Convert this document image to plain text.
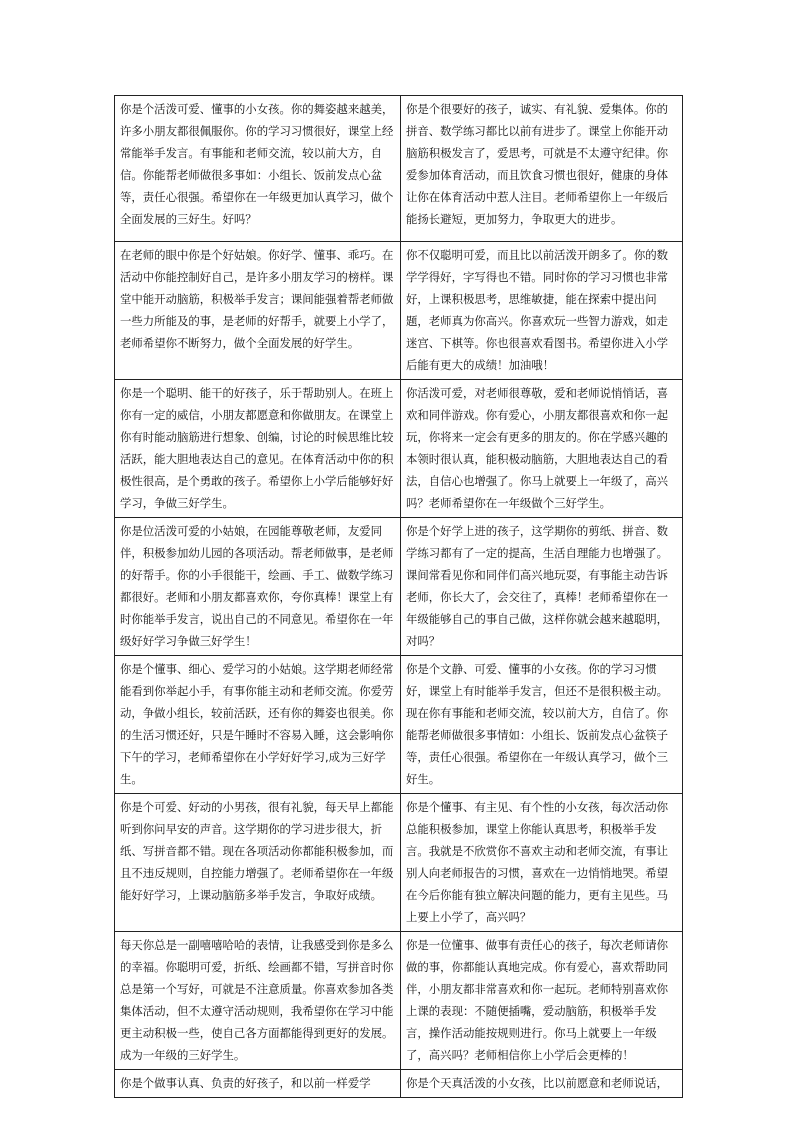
你是个活泼可爱、懂事的小女孩。你的舞姿越来越美，许多小朋友都很佩服你。你的学习习惯很好，课堂上经常能举手发言。有事能和老师交流，较以前大方，自信。你能帮老师做很多事如：小组长、饭前发点心盆等，责任心很强。希望你在一年级更加认真学习，做个全面发展的三好生。好吗？	你是个很要好的孩子，诚实、有礼貌、爱集体。你的拼音、数学练习都比以前有进步了。课堂上你能开动脑筋积极发言了，爱思考，可就是不太遵守纪律。你爱参加体育活动，而且饮食习惯也很好，健康的身体让你在体育活动中惹人注目。老师希望你上一年级后能扬长避短，更加努力，争取更大的进步。
在老师的眼中你是个好姑娘。你好学、懂事、乖巧。在活动中你能控制好自己，是许多小朋友学习的榜样。课堂中能开动脑筋，积极举手发言；课间能强着帮老师做一些力所能及的事，是老师的好帮手，就要上小学了，老师希望你不断努力，做个全面发展的好学生。	你不仅聪明可爱，而且比以前活泼开朗多了。你的数学学得好，字写得也不错。同时你的学习习惯也非常好，上课积极思考，思维敏捷，能在探索中提出问题，老师真为你高兴。你喜欢玩一些智力游戏，如走迷宫、下棋等。你也很喜欢看图书。希望你进入小学后能有更大的成绩！加油哦！
你是一个聪明、能干的好孩子，乐于帮助别人。在班上你有一定的威信，小朋友都愿意和你做朋友。在课堂上你有时能动脑筋进行想象、创编，讨论的时候思维比较活跃，能大胆地表达自己的意见。在体育活动中你的积极性很高，是个勇敢的孩子。希望你上小学后能够好好学习，争做三好学生。	你活泼可爱，对老师很尊敬，爱和老师说悄悄话，喜欢和同伴游戏。你有爱心，小朋友都很喜欢和你一起玩，你将来一定会有更多的朋友的。你在学感兴趣的本领时很认真，能积极动脑筋，大胆地表达自己的看法，自信心也增强了。你马上就要上一年级了，高兴吗？老师希望你在一年级做个三好学生。
你是位活泼可爱的小姑娘，在园能尊敬老师，友爱同伴，积极参加幼儿园的各项活动。帮老师做事，是老师的好帮手。你的小手很能干，绘画、手工、做数学练习都很好。老师和小朋友都喜欢你，夸你真棒！课堂上有时你能举手发言，说出自己的不同意见。希望你在一年级好好学习争做三好学生！	你是个好学上进的孩子，这学期你的剪纸、拼音、数学练习都有了一定的提高，生活自理能力也增强了。课间常看见你和同伴们高兴地玩耍，有事能主动告诉老师，你长大了，会交往了，真棒！老师希望你在一年级能够自己的事自己做，这样你就会越来越聪明，对吗？
你是个懂事、细心、爱学习的小姑娘。这学期老师经常能看到你举起小手，有事你能主动和老师交流。你爱劳动，争做小组长，较前活跃，还有你的舞姿也很美。你的生活习惯还好，只是午睡时不容易入睡，这会影响你下午的学习，老师希望你在小学好好学习,成为三好学生。	你是个文静、可爱、懂事的小女孩。你的学习习惯好，课堂上有时能举手发言，但还不是很积极主动。现在你有事能和老师交流，较以前大方，自信了。你能帮老师做很多事情如：小组长、饭前发点心盆筷子等，责任心很强。希望你在一年级认真学习，做个三好生。
你是个可爱、好动的小男孩，很有礼貌，每天早上都能听到你问早安的声音。这学期你的学习进步很大，折纸、写拼音都不错。现在各项活动你都能积极参加，而且不违反规则，自控能力增强了。老师希望你在一年级能好好学习，上课动脑筋多举手发言，争取好成绩。	你是个懂事、有主见、有个性的小女孩，每次活动你总能积极参加，课堂上你能认真思考，积极举手发言。我就是不欣赏你不喜欢主动和老师交流，有事让别人向老师报告的习惯，喜欢在一边悄悄地哭。希望在今后你能有独立解决问题的能力，更有主见些。马上要上小学了，高兴吗？
每天你总是一副嘻嘻哈哈的表情，让我感受到你是多么的幸福。你聪明可爱，折纸、绘画都不错，写拼音时你总是第一个写好，可就是不注意质量。你喜欢参加各类集体活动，但不太遵守活动规则，我希望你在学习中能更主动积极一些，使自己各方面都能得到更好的发展。成为一年级的三好学生。	你是一位懂事、做事有责任心的孩子，每次老师请你做的事，你都能认真地完成。你有爱心，喜欢帮助同伴，小朋友都非常喜欢和你一起玩。老师特别喜欢你上课的表现：不随便插嘴，爱动脑筋，积极举手发言，操作活动能按规则进行。你马上就要上一年级了，高兴吗？老师相信你上小学后会更棒的！
你是个做事认真、负责的好孩子，和以前一样爱学	你是个天真活泼的小女孩，比以前愿意和老师说话，
